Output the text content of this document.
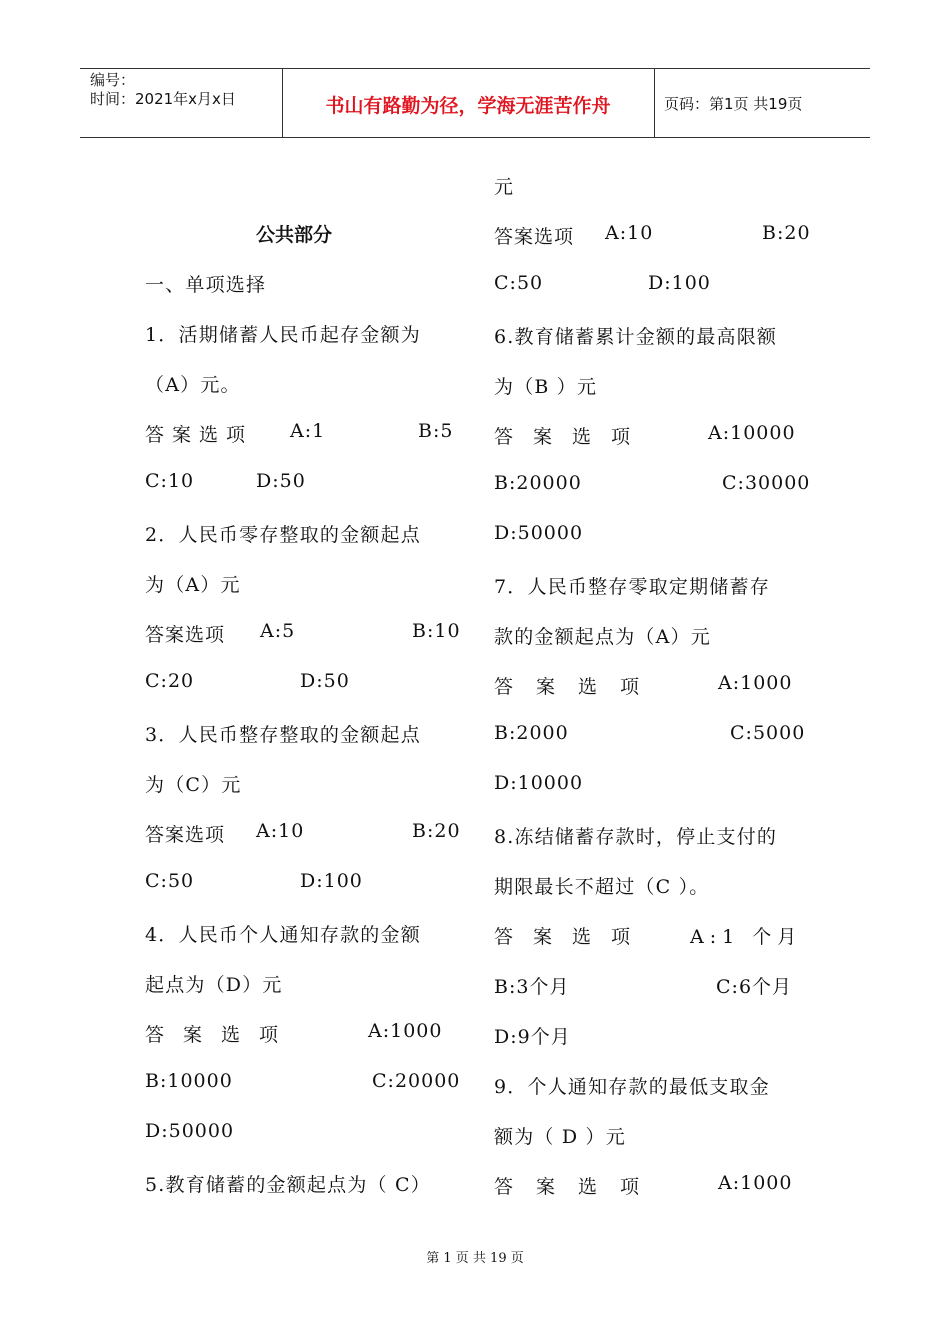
编号：
时间：2021年x月x日	书山有路勤为径，学海无涯苦作舟	页码：第1页 共19页
公共部分
一、单项选择
1．活期储蓄人民币起存金额为
（A）元。
答案选项 A:1	B:5
C:10	D:50
2．人民币零存整取的金额起点
为（A）元
答案选项 A:5	B:10
C:20	D:50
3．人民币整存整取的金额起点
为（C）元
答案选项 A:10	B:20
C:50	D:100
4．人民币个人通知存款的金额
起点为（D）元
答案选项	A:1000
B:10000	C:20000
D:50000
5.教育储蓄的金额起点为（ C）
元
答案选项 A:10	B:20
C:50	D:100
6.教育储蓄累计金额的最高限额
为（B ）元
答案选项	A:10000
B:20000	C:30000
D:50000
7．人民币整存零取定期储蓄存
款的金额起点为（A）元
答案选项	A:1000
B:2000	C:5000
D:10000
8.冻结储蓄存款时，停止支付的
期限最长不超过（C ）。
答案选项 A:1 个月
B:3个月	C:6个月
D:9个月
9．个人通知存款的最低支取金
额为（ D ）元
答案选项	A:1000
第 1 页 共 19 页
